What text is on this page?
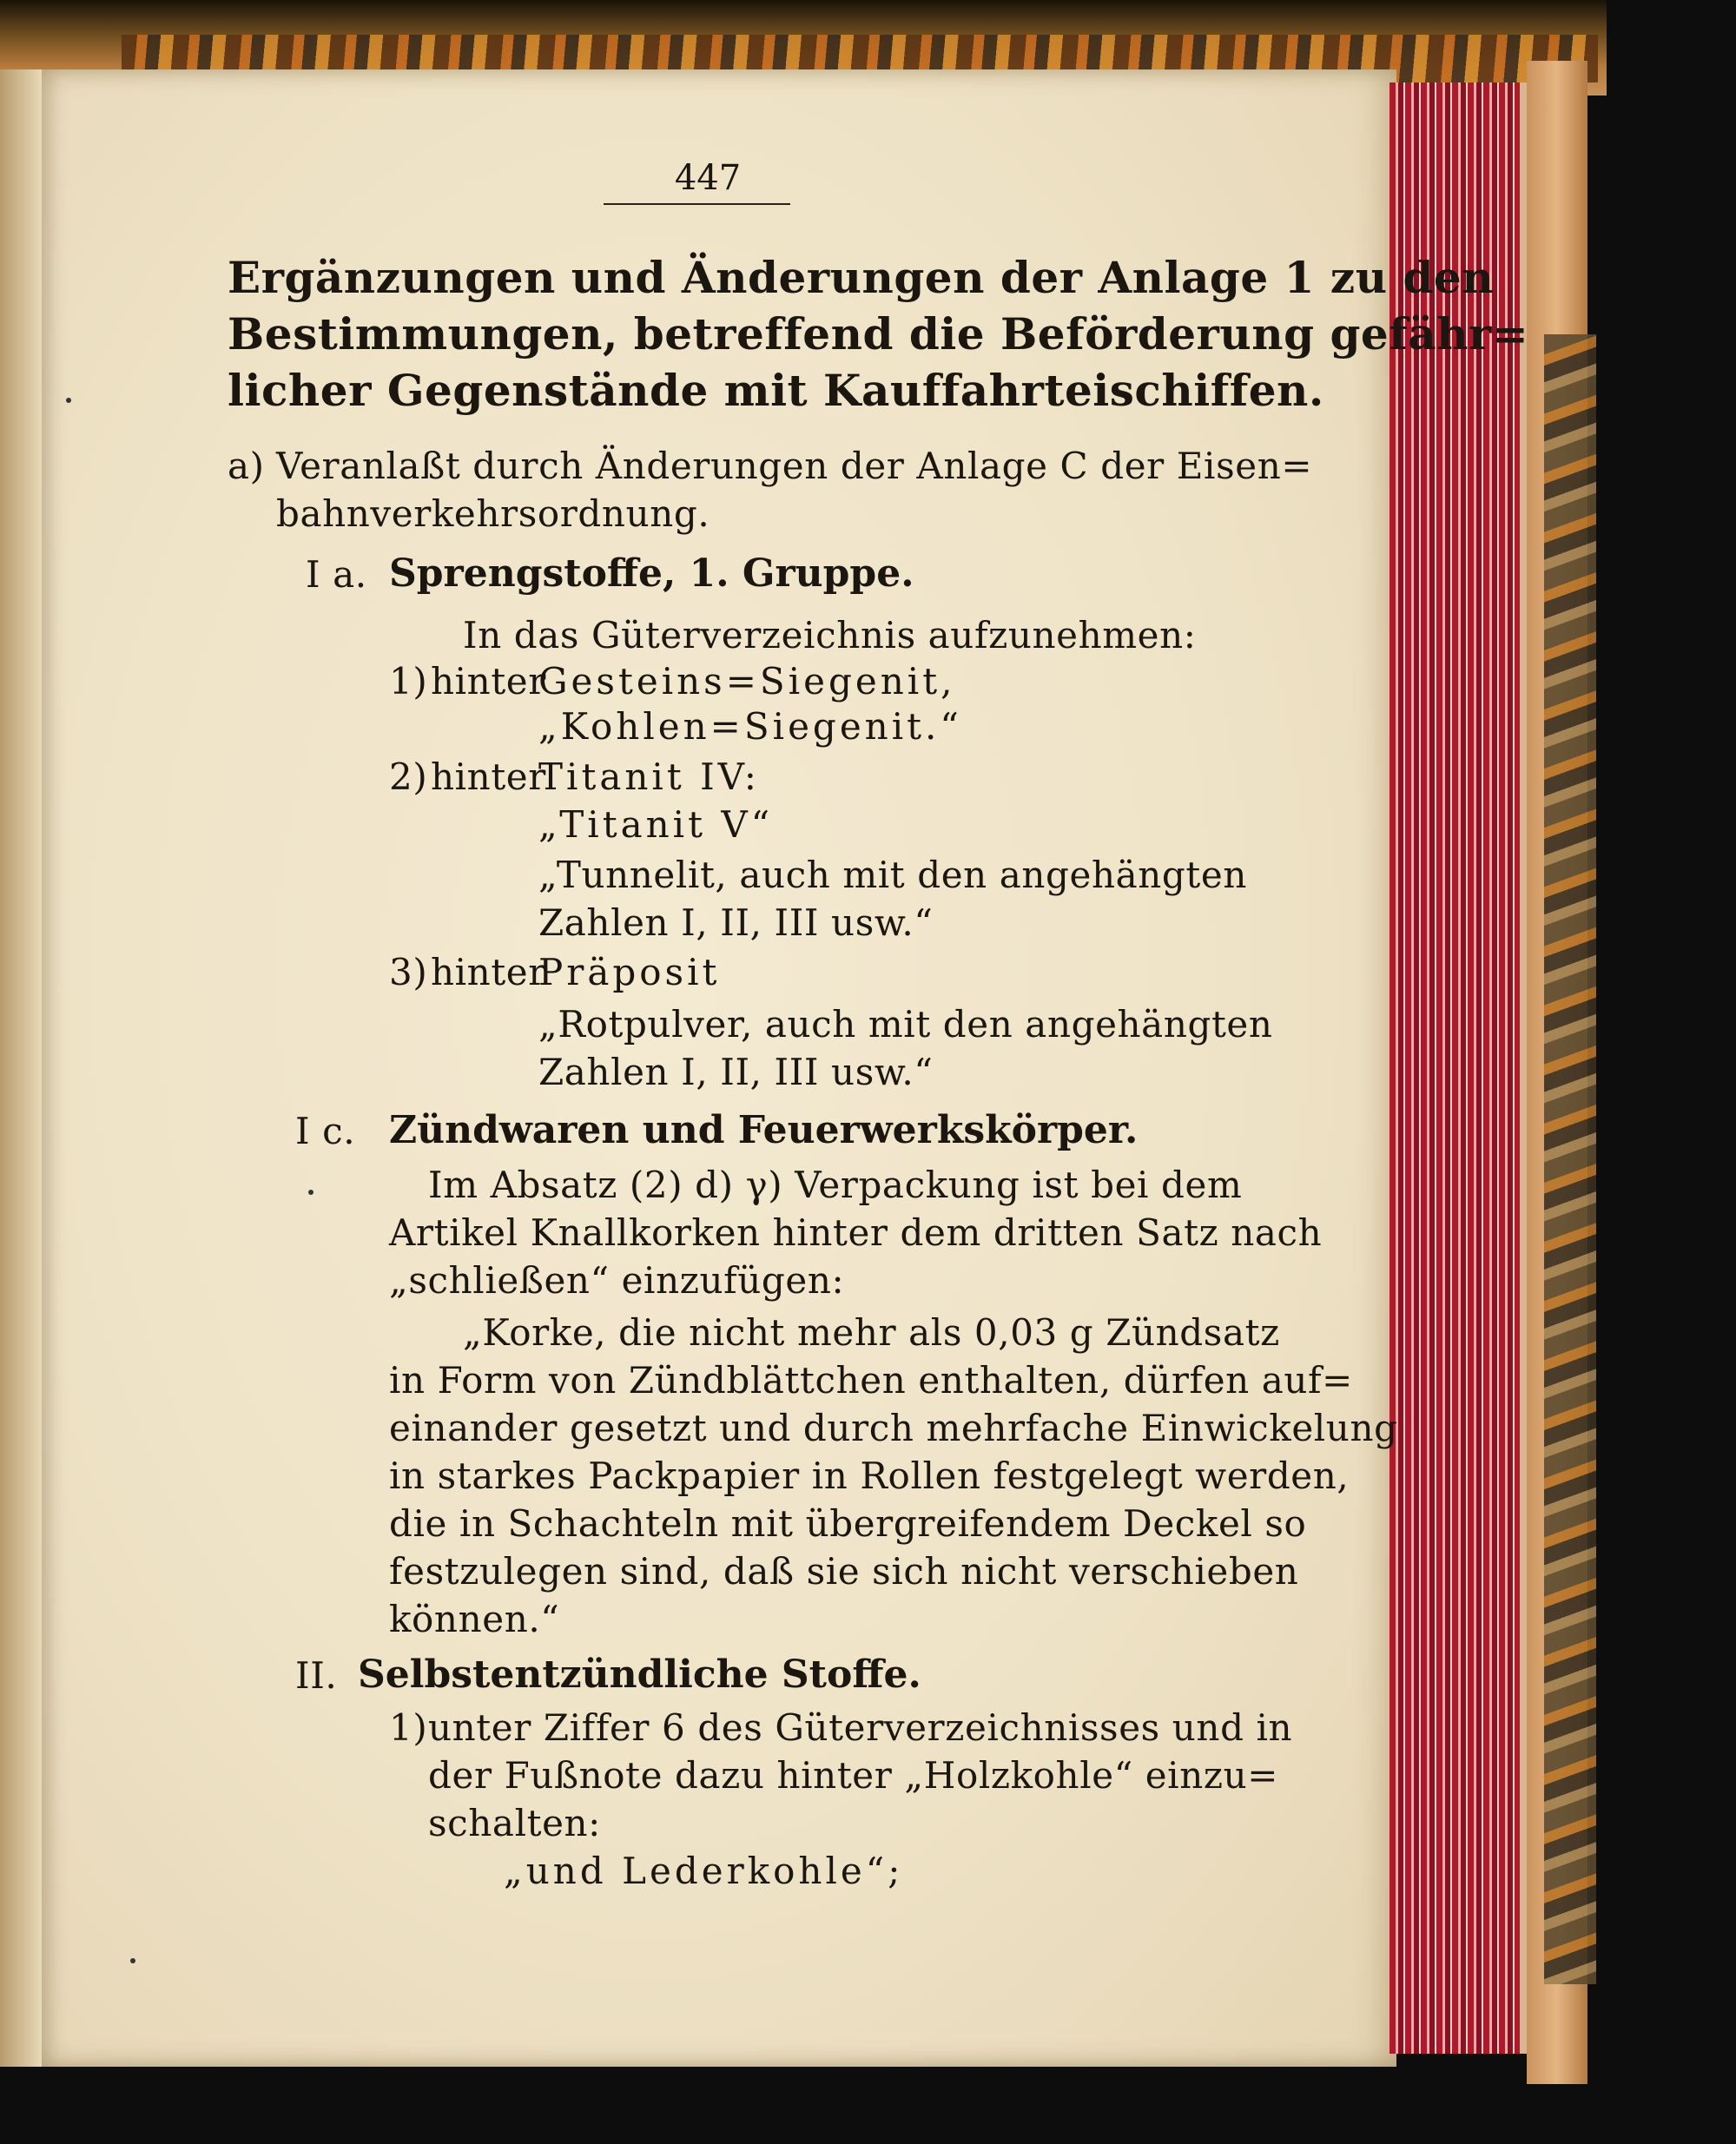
447
Ergänzungen und Änderungen der Anlage 1 zu den
Bestimmungen, betreffend die Beförderung gefähr=
licher Gegenstände mit Kauffahrteischiffen.
a) Veranlaßt durch Änderungen der Anlage C der Eisen=
bahnverkehrsordnung.
I a. Sprengstoffe, 1. Gruppe.
In das Güterverzeichnis aufzunehmen:
1) hinter
Gesteins=Siegenit,
„Kohlen=Siegenit.“
2) hinter
Titanit IV:
„Titanit V“
„Tunnelit, auch mit den angehängten
Zahlen I, II, III usw.“
3) hinter
Präposit
„Rotpulver, auch mit den angehängten
Zahlen I, II, III usw.“
I c. Zündwaren und Feuerwerkskörper.
Im Absatz (2) d) γ) Verpackung ist bei dem
Artikel Knallkorken hinter dem dritten Satz nach
„schließen“ einzufügen:
„Korke, die nicht mehr als 0,03 g Zündsatz
in Form von Zündblättchen enthalten, dürfen auf=
einander gesetzt und durch mehrfache Einwickelung
in starkes Packpapier in Rollen festgelegt werden,
die in Schachteln mit übergreifendem Deckel so
festzulegen sind, daß sie sich nicht verschieben
können.“
II. Selbstentzündliche Stoffe.
1) unter Ziffer 6 des Güterverzeichnisses und in
der Fußnote dazu hinter „Holzkohle“ einzu=
schalten:
„und Lederkohle“;
